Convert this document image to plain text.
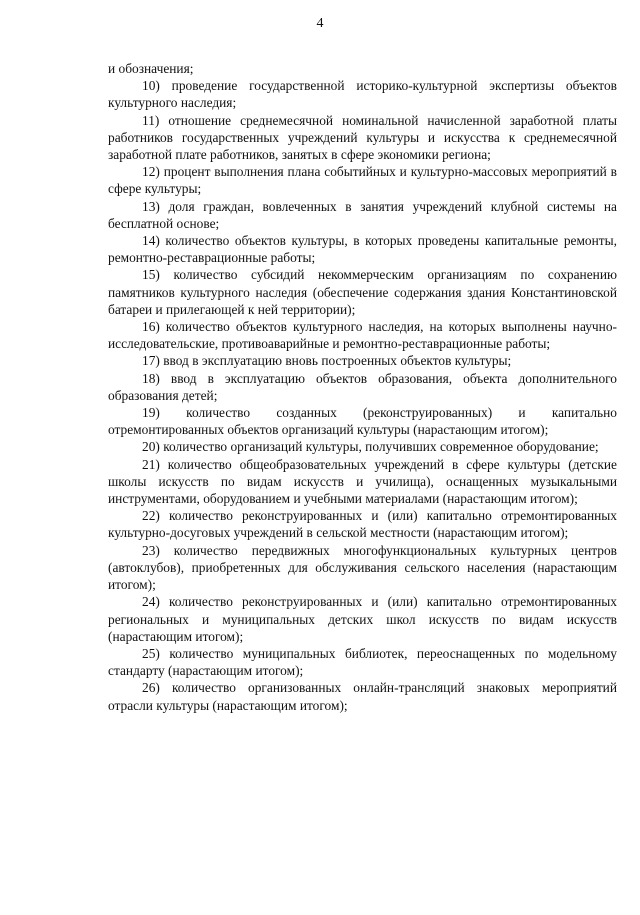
4

и обозначения;

10) проведение государственной историко-культурной экспертизы объектов культурного наследия;

11) отношение среднемесячной номинальной начисленной заработной платы работников государственных учреждений культуры и искусства к среднемесячной заработной плате работников, занятых в сфере экономики региона;

12) процент выполнения плана событийных и культурно-массовых мероприятий в сфере культуры;

13) доля граждан, вовлеченных в занятия учреждений клубной системы на бесплатной основе;

14) количество объектов культуры, в которых проведены капитальные ремонты, ремонтно-реставрационные работы;

15) количество субсидий некоммерческим организациям по сохранению памятников культурного наследия (обеспечение содержания здания Константиновской батареи и прилегающей к ней территории);

16) количество объектов культурного наследия, на которых выполнены научно-исследовательские, противоаварийные и ремонтно-реставрационные работы;

17) ввод в эксплуатацию вновь построенных объектов культуры;

18) ввод в эксплуатацию объектов образования, объекта дополнительного образования детей;

19) количество созданных (реконструированных) и капитально отремонтированных объектов организаций культуры (нарастающим итогом);

20) количество организаций культуры, получивших современное оборудование;

21) количество общеобразовательных учреждений в сфере культуры (детские школы искусств по видам искусств и училища), оснащенных музыкальными инструментами, оборудованием и учебными материалами (нарастающим итогом);

22) количество реконструированных и (или) капитально отремонтированных культурно-досуговых учреждений в сельской местности (нарастающим итогом);

23) количество передвижных многофункциональных культурных центров (автоклубов), приобретенных для обслуживания сельского населения (нарастающим итогом);

24) количество реконструированных и (или) капитально отремонтированных региональных и муниципальных детских школ искусств по видам искусств (нарастающим итогом);

25) количество муниципальных библиотек, переоснащенных по модельному стандарту (нарастающим итогом);

26) количество организованных онлайн-трансляций знаковых мероприятий отрасли культуры (нарастающим итогом);
